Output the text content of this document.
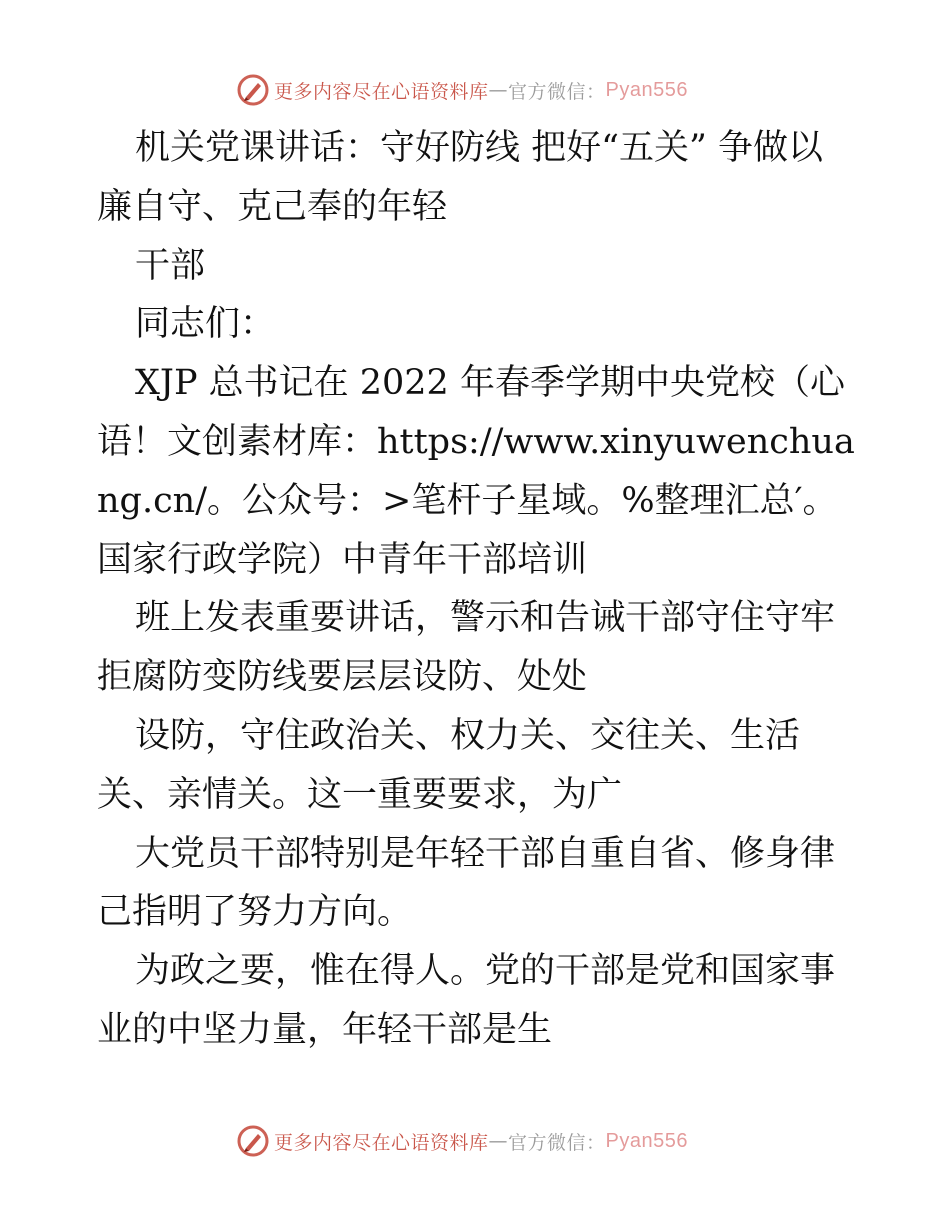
更多内容尽在心语资料库 — 官方微信： Pyan556

机关党课讲话：守好防线 把好“五关” 争做以廉自守、克己奉的年轻

干部

同志们：

XJP 总书记在 2022 年春季学期中央党校（心语！文创素材库：https://www.xinyuwenchuang.cn/。公众号：>笔杆子星域。%整理汇总′。国家行政学院）中青年干部培训

班上发表重要讲话，警示和告诫干部守住守牢拒腐防变防线要层层设防、处处

设防，守住政治关、权力关、交往关、生活关、亲情关。这一重要要求，为广

大党员干部特别是年轻干部自重自省、修身律己指明了努力方向。

为政之要，惟在得人。党的干部是党和国家事业的中坚力量，年轻干部是生

更多内容尽在心语资料库 — 官方微信： Pyan556
